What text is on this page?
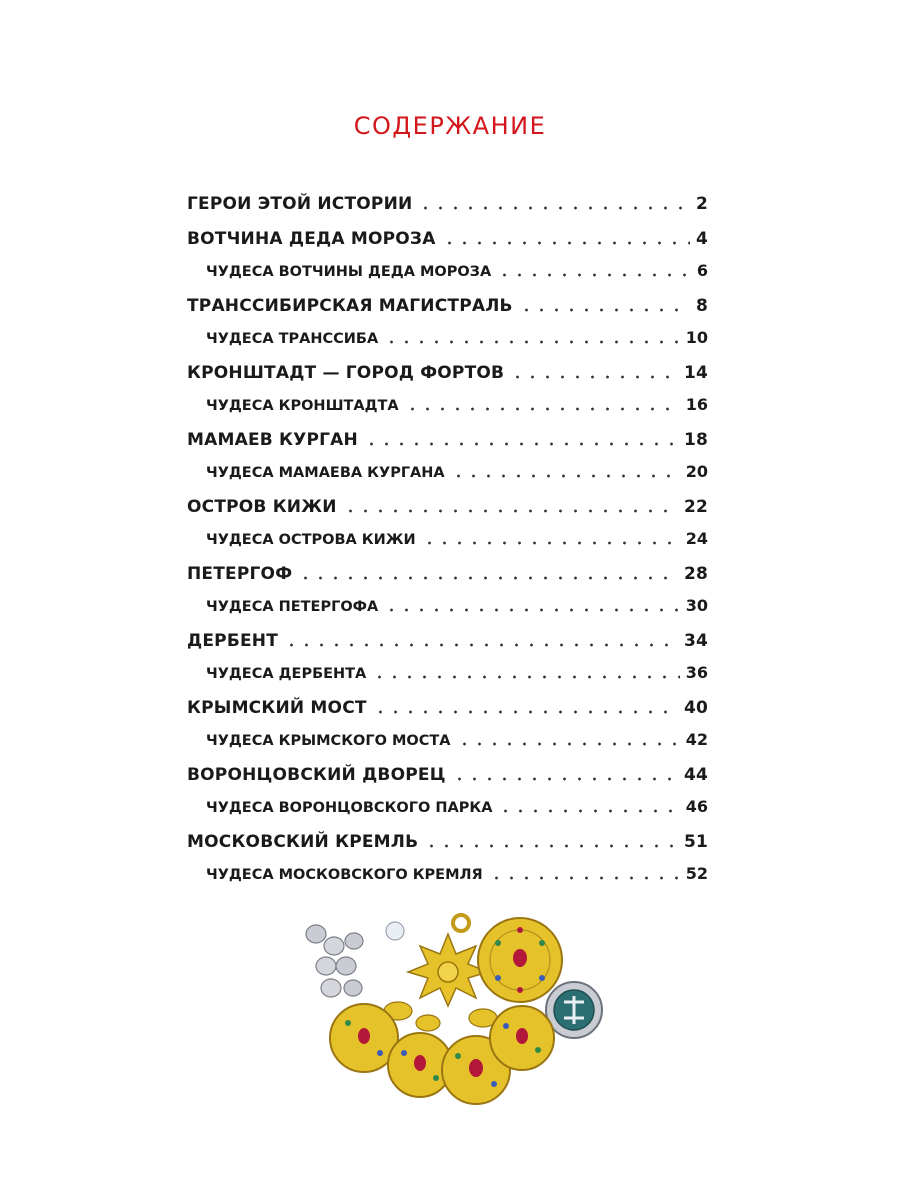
СОДЕРЖАНИЕ
ГЕРОИ ЭТОЙ ИСТОРИИ	2
ВОТЧИНА ДЕДА МОРОЗА	4
ЧУДЕСА ВОТЧИНЫ ДЕДА МОРОЗА	6
ТРАНССИБИРСКАЯ МАГИСТРАЛЬ	8
ЧУДЕСА ТРАНССИБА	10
КРОНШТАДТ — ГОРОД ФОРТОВ	14
ЧУДЕСА КРОНШТАДТА	16
МАМАЕВ КУРГАН	18
ЧУДЕСА МАМАЕВА КУРГАНА	20
ОСТРОВ КИЖИ	22
ЧУДЕСА ОСТРОВА КИЖИ	24
ПЕТЕРГОФ	28
ЧУДЕСА ПЕТЕРГОФА	30
ДЕРБЕНТ	34
ЧУДЕСА ДЕРБЕНТА	36
КРЫМСКИЙ МОСТ	40
ЧУДЕСА КРЫМСКОГО МОСТА	42
ВОРОНЦОВСКИЙ ДВОРЕЦ	44
ЧУДЕСА ВОРОНЦОВСКОГО ПАРКА	46
МОСКОВСКИЙ КРЕМЛЬ	51
ЧУДЕСА МОСКОВСКОГО КРЕМЛЯ	52
